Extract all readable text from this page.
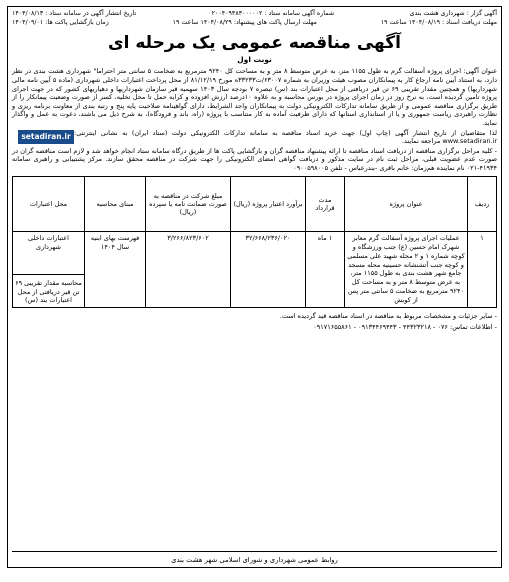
آگهی گزار : شهرداری هشت بندی
شماره آگهی سامانه ستاد : ۲۰۰۴۰۹۳۸۳۰۰۰۰۰۲
تاریخ انتشار آگهی در سامانه ستاد : ۱۴۰۴/۰۸/۱۳
مهلت دریافت اسناد : ۱۴۰۴/۰۸/۱۹ ساعت ۱۹
مهلت ارسال پاکت های پیشنهاد: ۱۴۰۴/۰۸/۲۹ ساعت ۱۹
زمان بازگشایی پاکت ها: ۱۴۰۴/۰۹/۰۱
آگهی مناقصه عمومی یک مرحله ای
نوبت اول

عنوان آگهی: اجرای پروژه آسفالت گرم به طول ۱۱۵۵ متر، به عرض متوسط ۸ متر و به مساحت کل ۹۲۴۰ مترمربع به ضخامت ۵ سانتی متر احتراما" شهرداری هشت بندی در نظر دارد، به استناد آیین نامه ارجاع کار به پیمانکاران مصوب هیئت وزیران به شماره ۶۳۰۰۷/ت۳۳۲۳۳ه مورخ ۸۱/۱۲/۱۹ از محل پرداخت اعتبارات داخلی شهرداری (ماده ۵ آیین نامه مالی شهرداریها) و همچنین مقدار تقریبی ۶۹ تن قیر دریافتی از محل اعتبارات بند (س) تبصره ۷ بودجه سال ۱۴۰۳ سهمیه قیر سازمان شهرداریها و دهیاریهای کشور که در جهت اجرای پروژه تامین گردیده است، به نرخ روز در زمان اجرای پروژه در بورس محاسبه و به علاوه ۱۰درصد ارزش افزوده و کرایه حمل تا محل تخلیه، کسر از صورت وضعیت پیمانکار را از طریق برگزاری مناقصه عمومی و از طریق سامانه تدارکات الکترونیکی دولت به پیمانکاران واجد الشرایط، دارای گواهینامه صلاحیت پایه پنج و رتبه بندی از معاونت برنامه ریزی و نظارت راهبردی ریاست جمهوری و یا از استانداری استانها که دارای ظرفیت آماده به کار متناسب با پروژه (راه، باند و فرودگاه)، به شرح ذیل می باشند، دعوت به عمل و واگذار نماید.

setadiran.ir لذا متقاضیان از تاریخ انتشار آگهی (چاپ اول) جهت خرید اسناد مناقصه به سامانه تدارکات الکترونیکی دولت (ستاد ایران) به نشانی اینترنتی: www.setadiran.ir مراجعه نمایند.

- کلیه مراحل برگزاری مناقصه از دریافت اسناد مناقصه تا ارائه پیشنهاد مناقصه گران و بازگشایی پاکت ها از طریق درگاه سامانه ستاد انجام خواهد شد و لازم است مناقصه گران در صورت عدم عضویت قبلی، مراحل ثبت نام در سایت مذکور و دریافت گواهی امضای الکترونیکی را جهت شرکت در مناقصه محقق سازند. مرکز پشتیبانی و راهبری سامانه ۴۱۹۳۴-۰۲۱ نام نماینده هم‌زمان: خانم باقری -بندرعباس - تلفن ۰۹۰۰۵۹۸۰۰۵

ردیف	عنوان پروژه	مدت قرارداد	برآورد اعتبار پروژه (ریال)	مبلغ شرکت در مناقصه به صورت ضمانت نامه یا سپرده (ریال)	مبنای محاسبه	محل اعتبارات
۱	عملیات اجرای پروژه آسفالت گرم معابر شهرک امام حسین (ع) جنب ورزشگاه و کوچه شماره ۱ و ۲ محله شهید علی مسلمی و کوچه جنب آتشنشانه حسینیه محله مسجد جامع شهر هشت بندی به طول ۱۱۵۵ متر، به عرض متوسط ۸ متر و به مساحت کل ۹۲۴۰ مترمربع به ضخامت ۵ سانتی متر پس از کوبش	۱ ماه	۳۲/۶۶۸/۲۳۶/۰۲۰	۳/۲۶۶/۸۲۳/۶۰۲	فهرست بهای ابنیه سال ۱۴۰۴	اعتبارات داخلی شهرداری
محاسبه مقدار تقریبی ۶۹ تن قیر دریافتی از محل اعتبارات بند (س)
- سایر جزئیات و مشخصات مربوط به مناقصه در اسناد مناقصه قید گردیده است.
- اطلاعات تماس: ۰۷۶ - ۴۴۳۲۳۲۱۸ - ۰۹۱۳۴۴۶۹۴۴۳ - ۰۹۱۷۱۶۵۵۸۶۱
روابط عمومی شهرداری و شورای اسلامی شهر هشت بندی
